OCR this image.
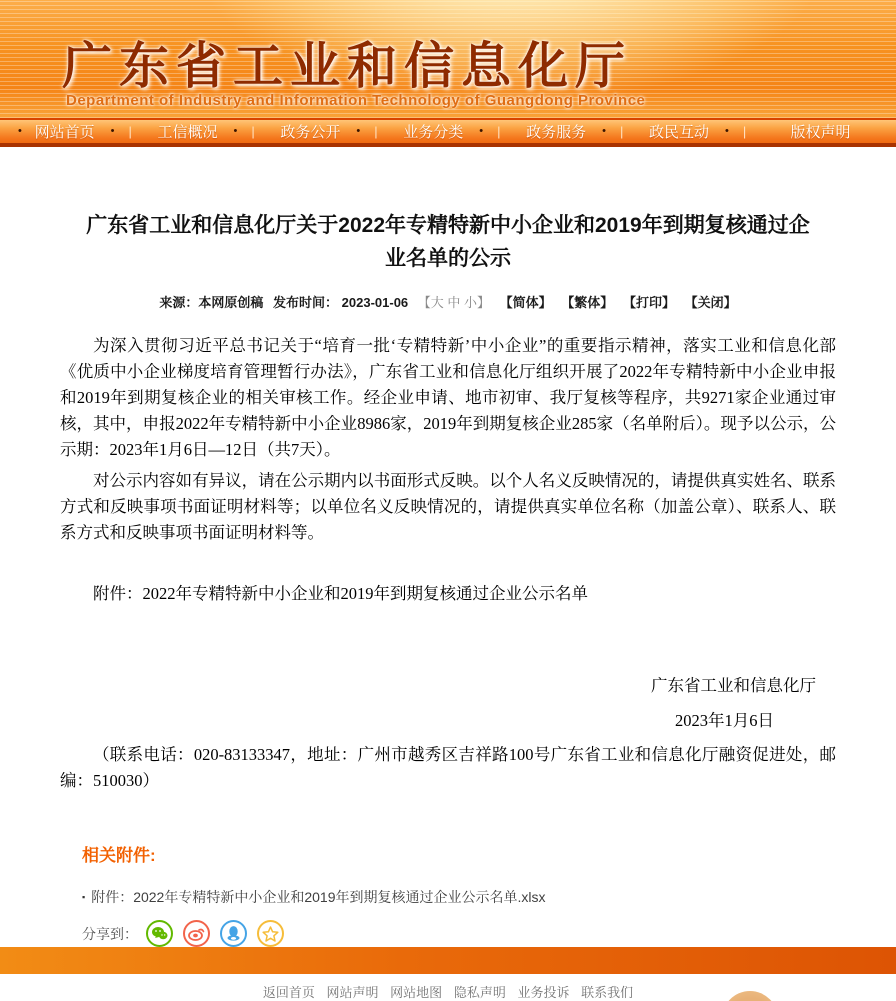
广东省工业和信息化厅
Department of Industry and Information Technology of Guangdong Province
• 网站首页 • | 工信概况 • | 政务公开 • | 业务分类 • | 政务服务 • | 政民互动 • |	版权声明
广东省工业和信息化厅关于2022年专精特新中小企业和2019年到期复核通过企业名单的公示
来源：本网原创稿 发布时间： 2023-01-06 【大 中 小】 【简体】 【繁体】 【打印】 【关闭】

为深入贯彻习近平总书记关于“培育一批‘专精特新’中小企业”的重要指示精神，落实工业和信息化部《优质中小企业梯度培育管理暂行办法》，广东省工业和信息化厅组织开展了2022年专精特新中小企业申报和2019年到期复核企业的相关审核工作。经企业申请、地市初审、我厅复核等程序，共9271家企业通过审核，其中，申报2022年专精特新中小企业8986家，2019年到期复核企业285家（名单附后）。现予以公示，公示期：2023年1月6日—12日（共7天）。

对公示内容如有异议，请在公示期内以书面形式反映。以个人名义反映情况的，请提供真实姓名、联系方式和反映事项书面证明材料等；以单位名义反映情况的，请提供真实单位名称（加盖公章）、联系人、联系方式和反映事项书面证明材料等。

附件：2022年专精特新中小企业和2019年到期复核通过企业公示名单

广东省工业和信息化厅

2023年1月6日

（联系电话：020-83133347，地址：广州市越秀区吉祥路100号广东省工业和信息化厅融资促进处，邮编：510030）

相关附件:
▪ 附件：2022年专精特新中小企业和2019年到期复核通过企业公示名单.xlsx
分享到：
返回首页 网站声明 网站地图 隐私声明 业务投诉 联系我们
